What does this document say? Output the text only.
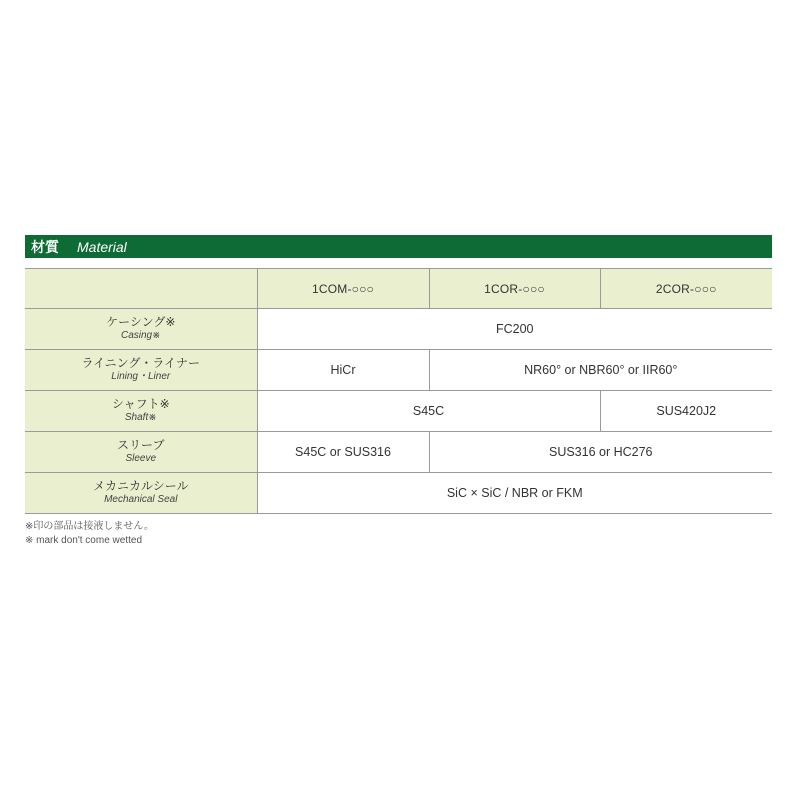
材質 Material
	1COM-○○○	1COR-○○○	2COR-○○○

ケーシング※
Casing※	FC200		

ライニング・ライナー
Lining・Liner	HiCr	NR60° or NBR60° or IIR60°	

シャフト※
Shaft※	S45C		SUS420J2

スリーブ
Sleeve	S45C or SUS316	SUS316 or HC276	

メカニカルシール
Mechanical Seal	SiC × SiC / NBR or FKM		
※印の部品は接液しません。
※ mark don't come wetted
